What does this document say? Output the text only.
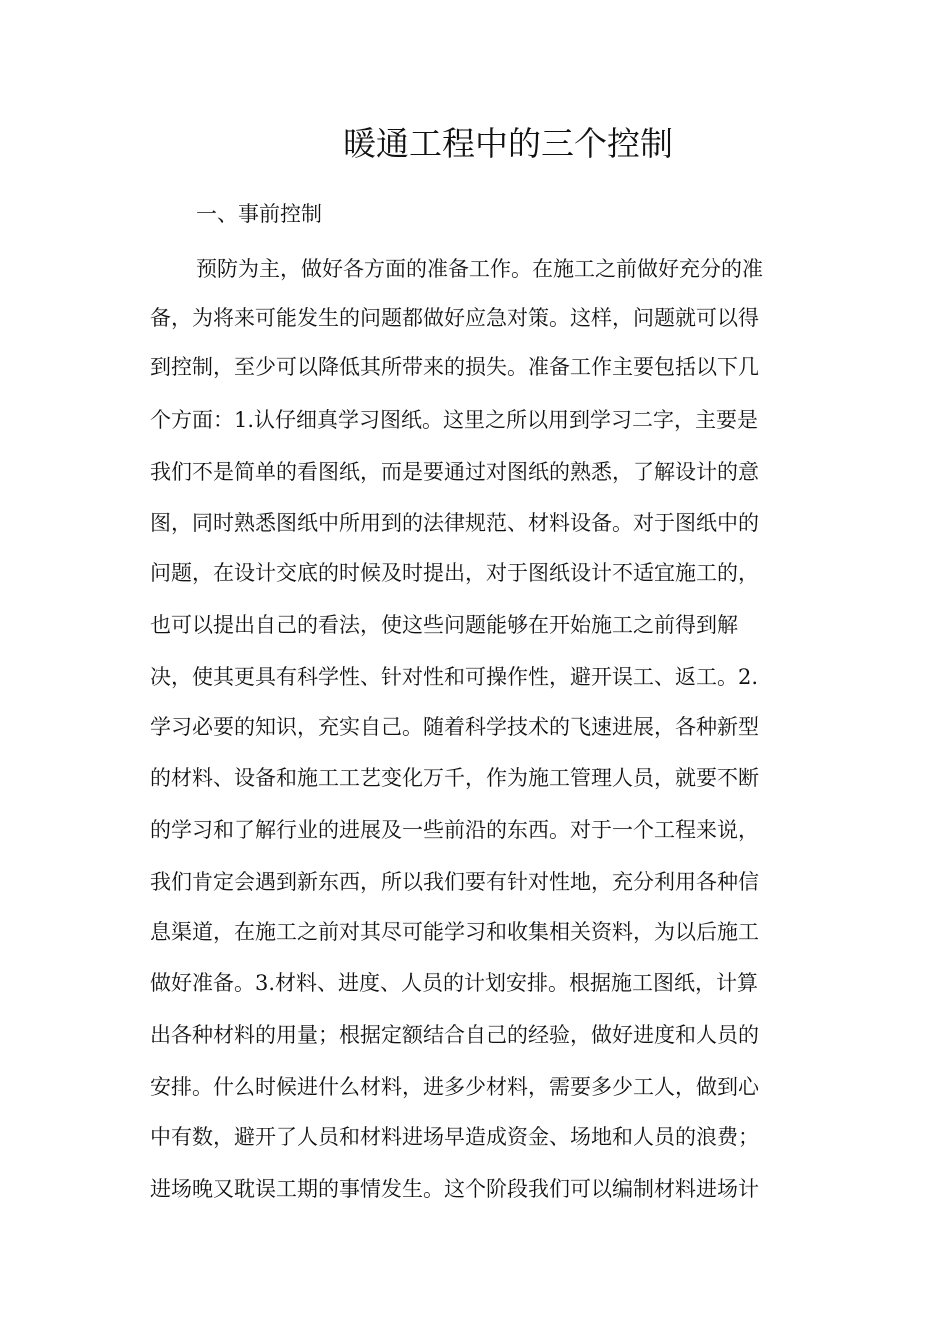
暖通工程中的三个控制

一、事前控制

预防为主，做好各方面的准备工作。在施工之前做好充分的准

备，为将来可能发生的问题都做好应急对策。这样，问题就可以得

到控制，至少可以降低其所带来的损失。准备工作主要包括以下几

个方面：1.认仔细真学习图纸。这里之所以用到学习二字，主要是

我们不是简单的看图纸，而是要通过对图纸的熟悉，了解设计的意

图，同时熟悉图纸中所用到的法律规范、材料设备。对于图纸中的

问题，在设计交底的时候及时提出，对于图纸设计不适宜施工的，

也可以提出自己的看法，使这些问题能够在开始施工之前得到解

决，使其更具有科学性、针对性和可操作性，避开误工、返工。2.

学习必要的知识，充实自己。随着科学技术的飞速进展，各种新型

的材料、设备和施工工艺变化万千，作为施工管理人员，就要不断

的学习和了解行业的进展及一些前沿的东西。对于一个工程来说，

我们肯定会遇到新东西，所以我们要有针对性地，充分利用各种信

息渠道，在施工之前对其尽可能学习和收集相关资料，为以后施工

做好准备。3.材料、进度、人员的计划安排。根据施工图纸，计算

出各种材料的用量；根据定额结合自己的经验，做好进度和人员的

安排。什么时候进什么材料，进多少材料，需要多少工人，做到心

中有数，避开了人员和材料进场早造成资金、场地和人员的浪费；

进场晚又耽误工期的事情发生。这个阶段我们可以编制材料进场计
